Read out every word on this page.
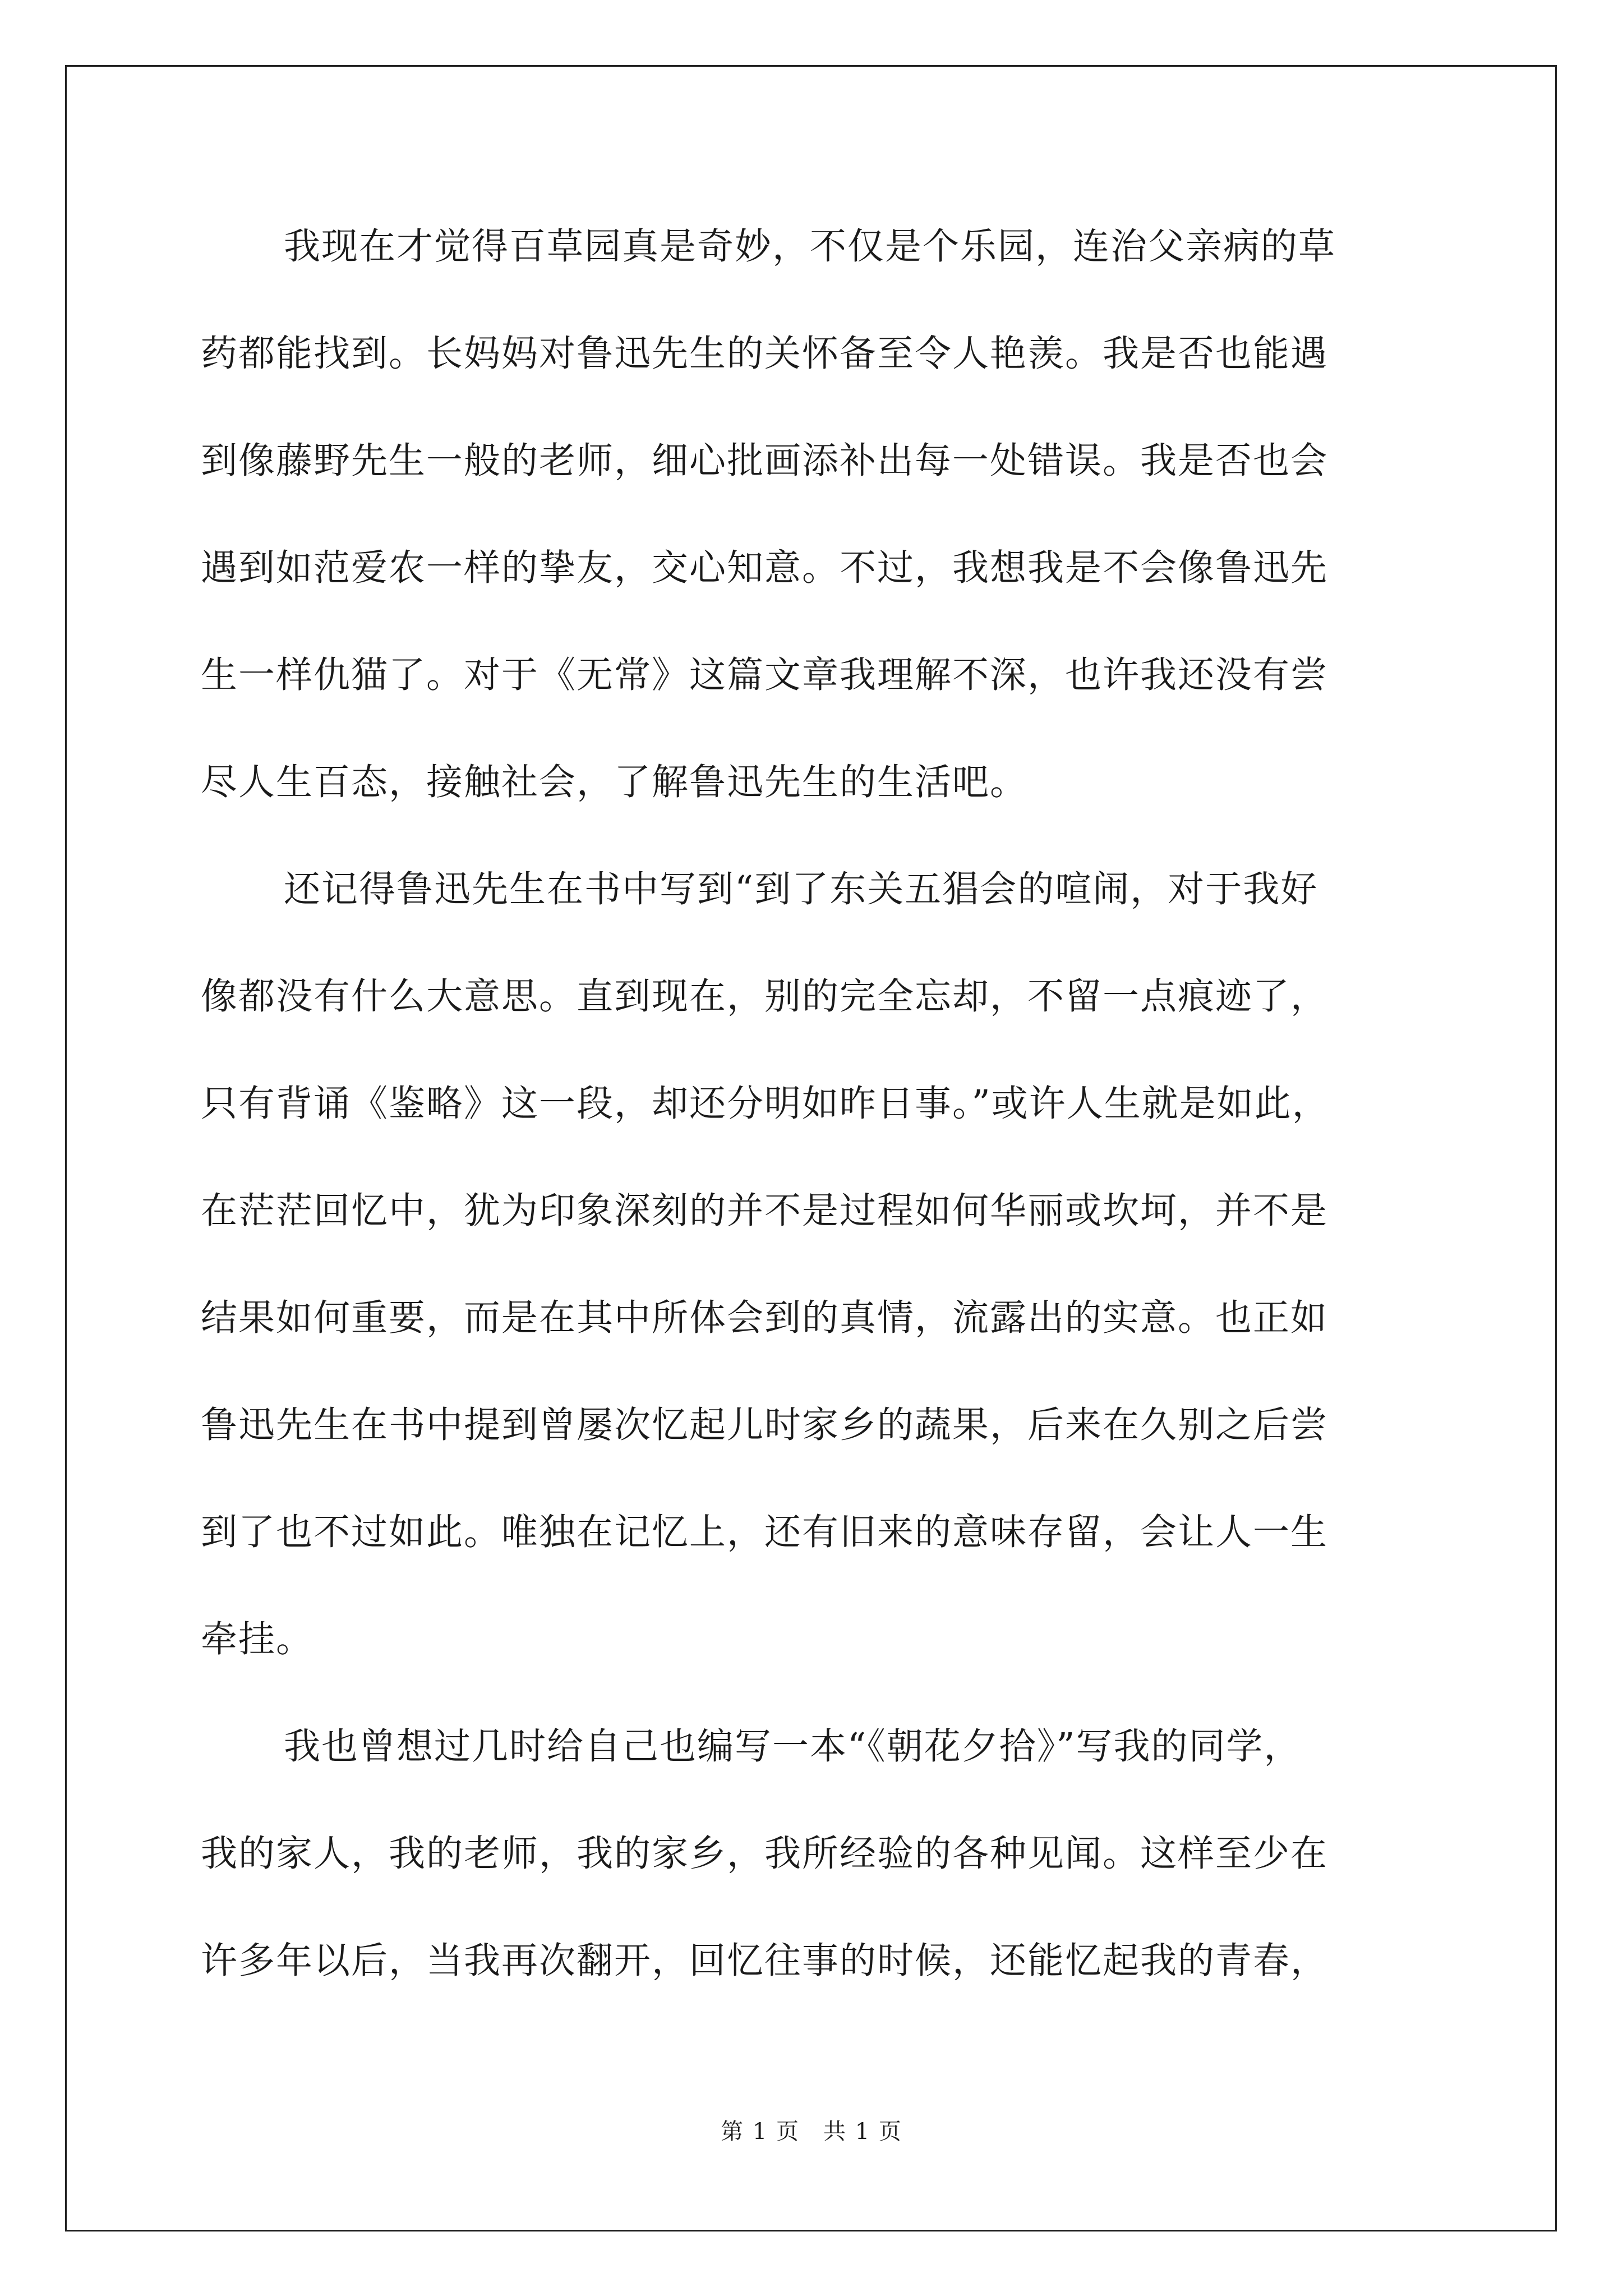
我现在才觉得百草园真是奇妙，不仅是个乐园，连治父亲病的草
药都能找到。长妈妈对鲁迅先生的关怀备至令人艳羡。我是否也能遇
到像藤野先生一般的老师，细心批画添补出每一处错误。我是否也会
遇到如范爱农一样的挚友，交心知意。不过，我想我是不会像鲁迅先
生一样仇猫了。对于《无常》这篇文章我理解不深，也许我还没有尝
尽人生百态，接触社会，了解鲁迅先生的生活吧。
还记得鲁迅先生在书中写到“到了东关五猖会的喧闹，对于我好
像都没有什么大意思。直到现在，别的完全忘却，不留一点痕迹了，
只有背诵《鉴略》这一段，却还分明如昨日事。”或许人生就是如此，
在茫茫回忆中，犹为印象深刻的并不是过程如何华丽或坎坷，并不是
结果如何重要，而是在其中所体会到的真情，流露出的实意。也正如
鲁迅先生在书中提到曾屡次忆起儿时家乡的蔬果，后来在久别之后尝
到了也不过如此。唯独在记忆上，还有旧来的意味存留，会让人一生
牵挂。
我也曾想过几时给自己也编写一本“《朝花夕拾》”写我的同学，
我的家人，我的老师，我的家乡，我所经验的各种见闻。这样至少在
许多年以后，当我再次翻开，回忆往事的时候，还能忆起我的青春，
第 1 页　共 1 页
